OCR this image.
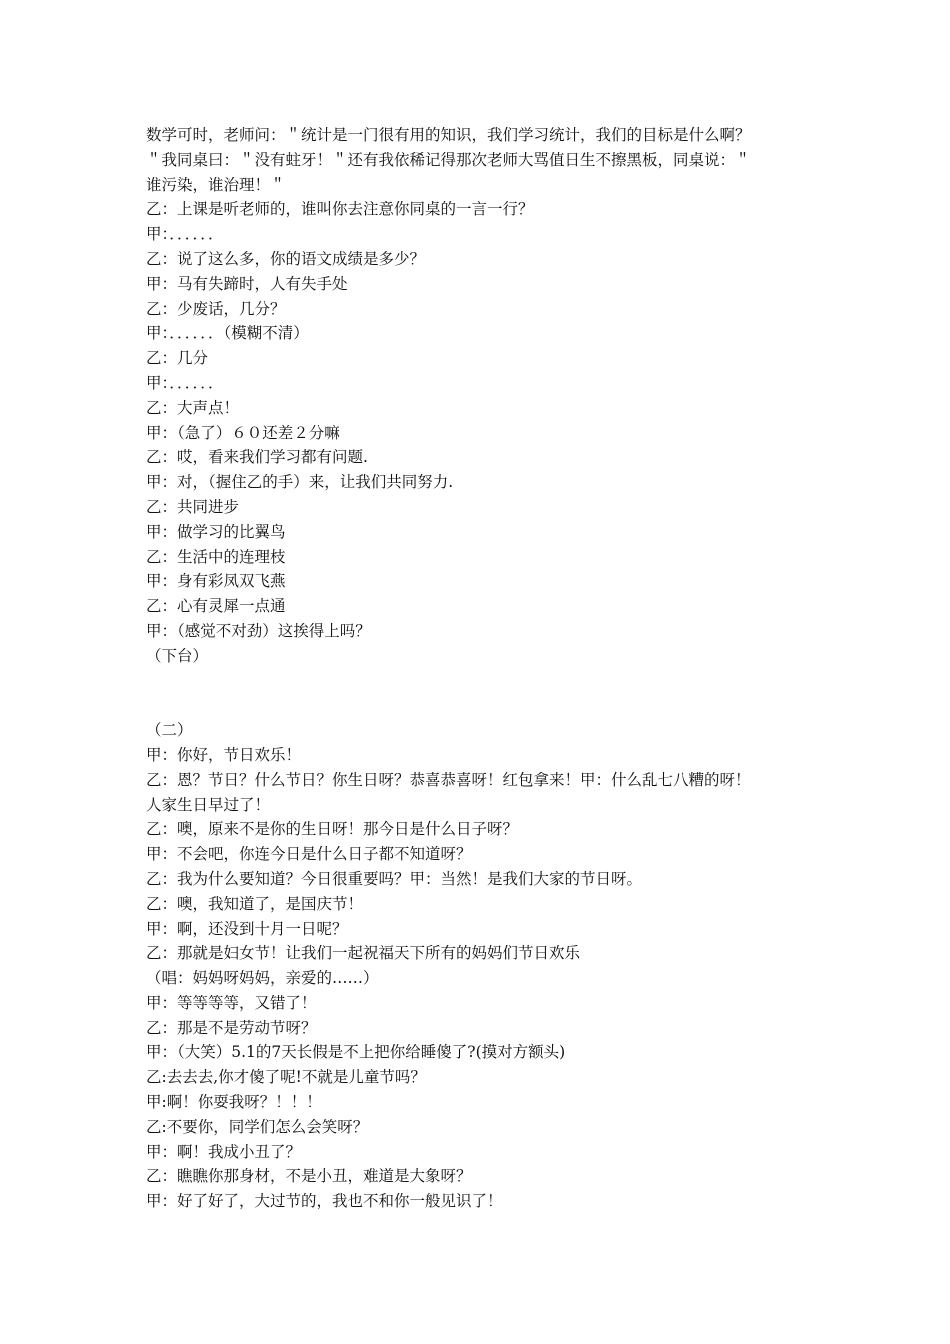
数学可时，老师问：＂统计是一门很有用的知识，我们学习统计，我们的目标是什么啊？
＂我同桌曰：＂没有蛀牙！＂还有我依稀记得那次老师大骂值日生不擦黑板，同桌说：＂
谁污染，谁治理！＂
乙：上课是听老师的，谁叫你去注意你同桌的一言一行？
甲：．．．．．．
乙：说了这么多，你的语文成绩是多少？
甲：马有失蹄时，人有失手处
乙：少废话，几分？
甲：．．．．．．（模糊不清）
乙：几分
甲：．．．．．．
乙：大声点！
甲：（急了）６０还差２分嘛
乙：哎，看来我们学习都有问题.
甲：对，（握住乙的手）来，让我们共同努力.
乙：共同进步
甲：做学习的比翼鸟
乙：生活中的连理枝
甲：身有彩凤双飞燕
乙：心有灵犀一点通
甲：（感觉不对劲）这挨得上吗？
（下台）
（二）
甲：你好，节日欢乐！
乙：恩？节日？什么节日？你生日呀？恭喜恭喜呀！红包拿来！甲：什么乱七八糟的呀！
人家生日早过了！
乙：噢，原来不是你的生日呀！那今日是什么日子呀？
甲：不会吧，你连今日是什么日子都不知道呀？
乙：我为什么要知道？今日很重要吗？甲：当然！是我们大家的节日呀。
乙：噢，我知道了，是国庆节！
甲：啊，还没到十月一日呢？
乙：那就是妇女节！让我们一起祝福天下所有的妈妈们节日欢乐
（唱：妈妈呀妈妈，亲爱的……）
甲：等等等等，又错了！
乙：那是不是劳动节呀？
甲：（大笑）5.1的7天长假是不上把你给睡傻了?(摸对方额头)
乙:去去去,你才傻了呢!不就是儿童节吗？
甲:啊！你耍我呀？！！！
乙:不要你，同学们怎么会笑呀？
甲：啊！我成小丑了？
乙：瞧瞧你那身材，不是小丑，难道是大象呀？
甲：好了好了，大过节的，我也不和你一般见识了！
